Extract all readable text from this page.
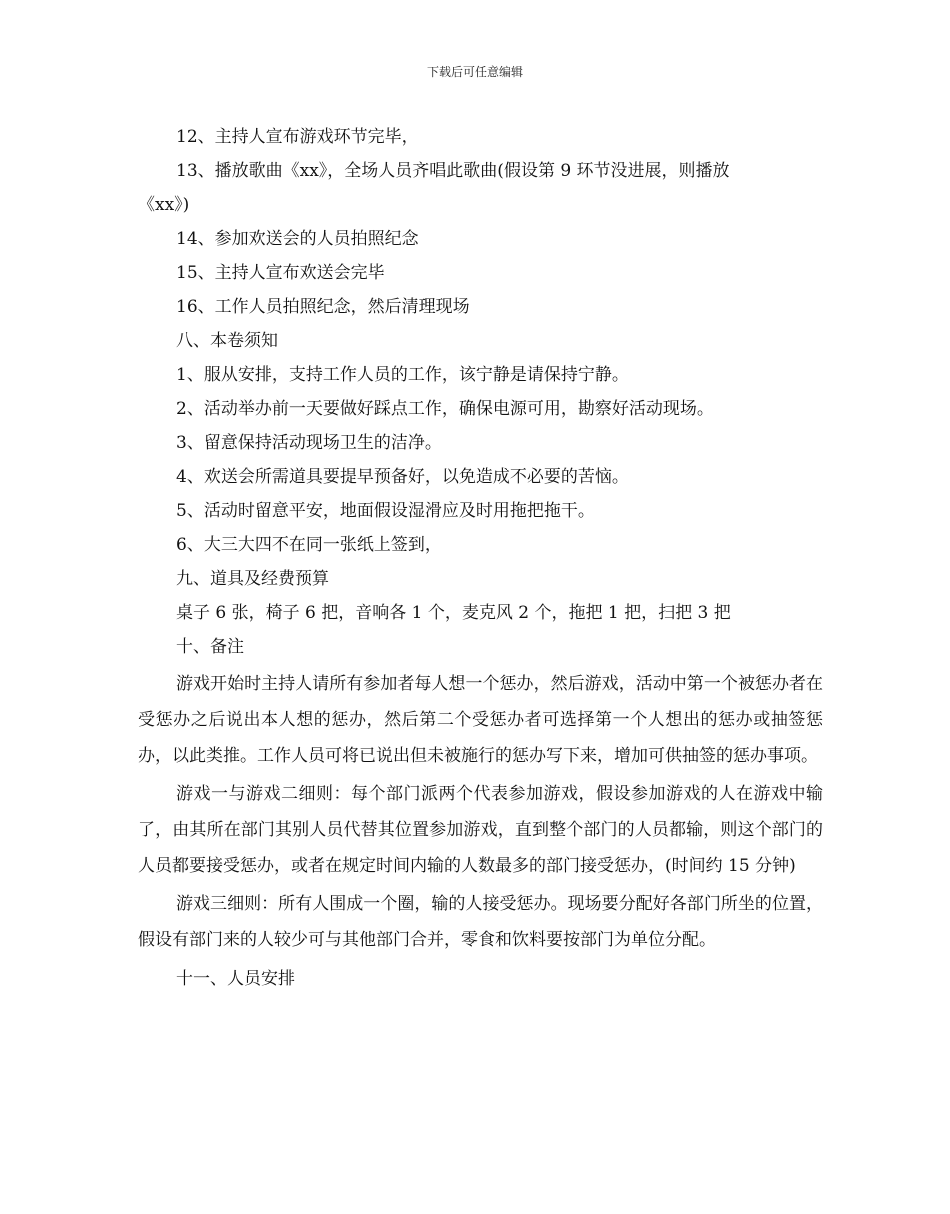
下载后可任意编辑
12、主持人宣布游戏环节完毕，
13、播放歌曲《xx》，全场人员齐唱此歌曲(假设第 9 环节没进展，则播放
《xx》)
14、参加欢送会的人员拍照纪念
15、主持人宣布欢送会完毕
16、工作人员拍照纪念，然后清理现场
八、本卷须知
1、服从安排，支持工作人员的工作，该宁静是请保持宁静。
2、活动举办前一天要做好踩点工作，确保电源可用，勘察好活动现场。
3、留意保持活动现场卫生的洁净。
4、欢送会所需道具要提早预备好，以免造成不必要的苦恼。
5、活动时留意平安，地面假设湿滑应及时用拖把拖干。
6、大三大四不在同一张纸上签到，
九、道具及经费预算
桌子 6 张，椅子 6 把，音响各 1 个，麦克风 2 个，拖把 1 把，扫把 3 把
十、备注

游戏开始时主持人请所有参加者每人想一个惩办，然后游戏，活动中第一个被惩办者在受惩办之后说出本人想的惩办，然后第二个受惩办者可选择第一个人想出的惩办或抽签惩办，以此类推。工作人员可将已说出但未被施行的惩办写下来，增加可供抽签的惩办事项。

游戏一与游戏二细则：每个部门派两个代表参加游戏，假设参加游戏的人在游戏中输了，由其所在部门其别人员代替其位置参加游戏，直到整个部门的人员都输，则这个部门的人员都要接受惩办，或者在规定时间内输的人数最多的部门接受惩办，(时间约 15 分钟)

游戏三细则：所有人围成一个圈，输的人接受惩办。现场要分配好各部门所坐的位置，假设有部门来的人较少可与其他部门合并，零食和饮料要按部门为单位分配。

十一、人员安排
